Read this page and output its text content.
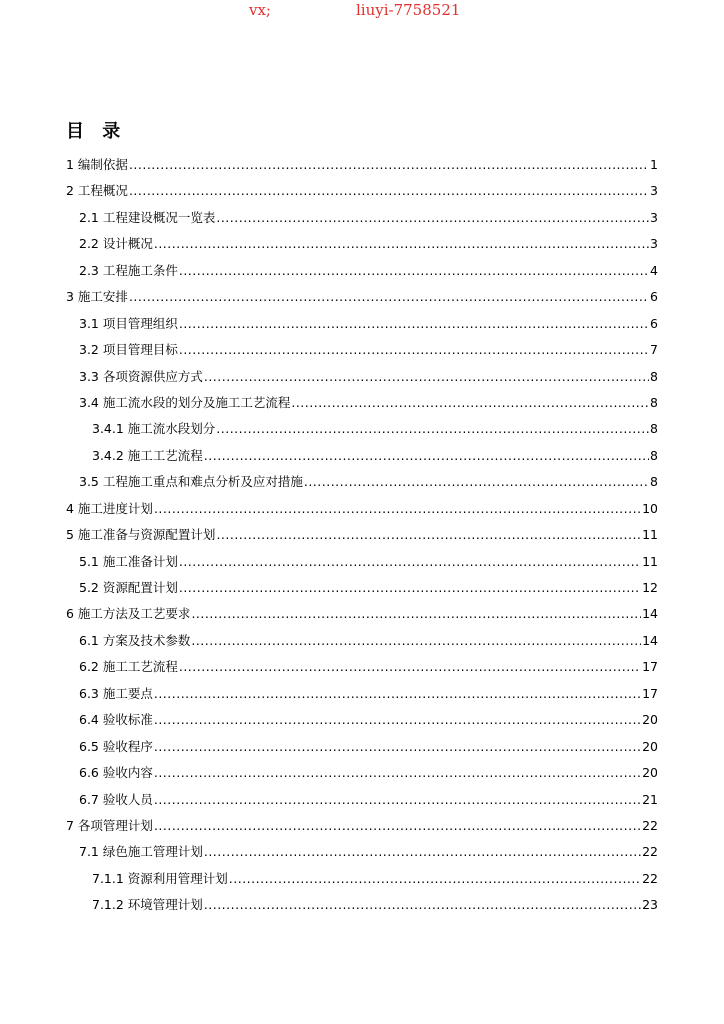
vx;	liuyi-7758521
目 录
1 编制依据 .....	1
2 工程概况 .....	3
2.1 工程建设概况一览表 .....	3
2.2 设计概况 .....	3
2.3 工程施工条件 .....	4
3 施工安排 .....	6
3.1 项目管理组织 .....	6
3.2 项目管理目标 .....	7
3.3 各项资源供应方式 .....	8
3.4 施工流水段的划分及施工工艺流程 .....	8
3.4.1 施工流水段划分 .....	8
3.4.2 施工工艺流程 .....	8
3.5 工程施工重点和难点分析及应对措施 .....	8
4 施工进度计划 .....	10
5 施工准备与资源配置计划 .....	11
5.1 施工准备计划 .....	11
5.2 资源配置计划 .....	12
6 施工方法及工艺要求 .....	14
6.1 方案及技术参数 .....	14
6.2 施工工艺流程 .....	17
6.3 施工要点 .....	17
6.4 验收标准 .....	20
6.5 验收程序 .....	20
6.6 验收内容 .....	20
6.7 验收人员 .....	21
7 各项管理计划 .....	22
7.1 绿色施工管理计划 .....	22
7.1.1 资源利用管理计划 .....	22
7.1.2 环境管理计划 .....	23
